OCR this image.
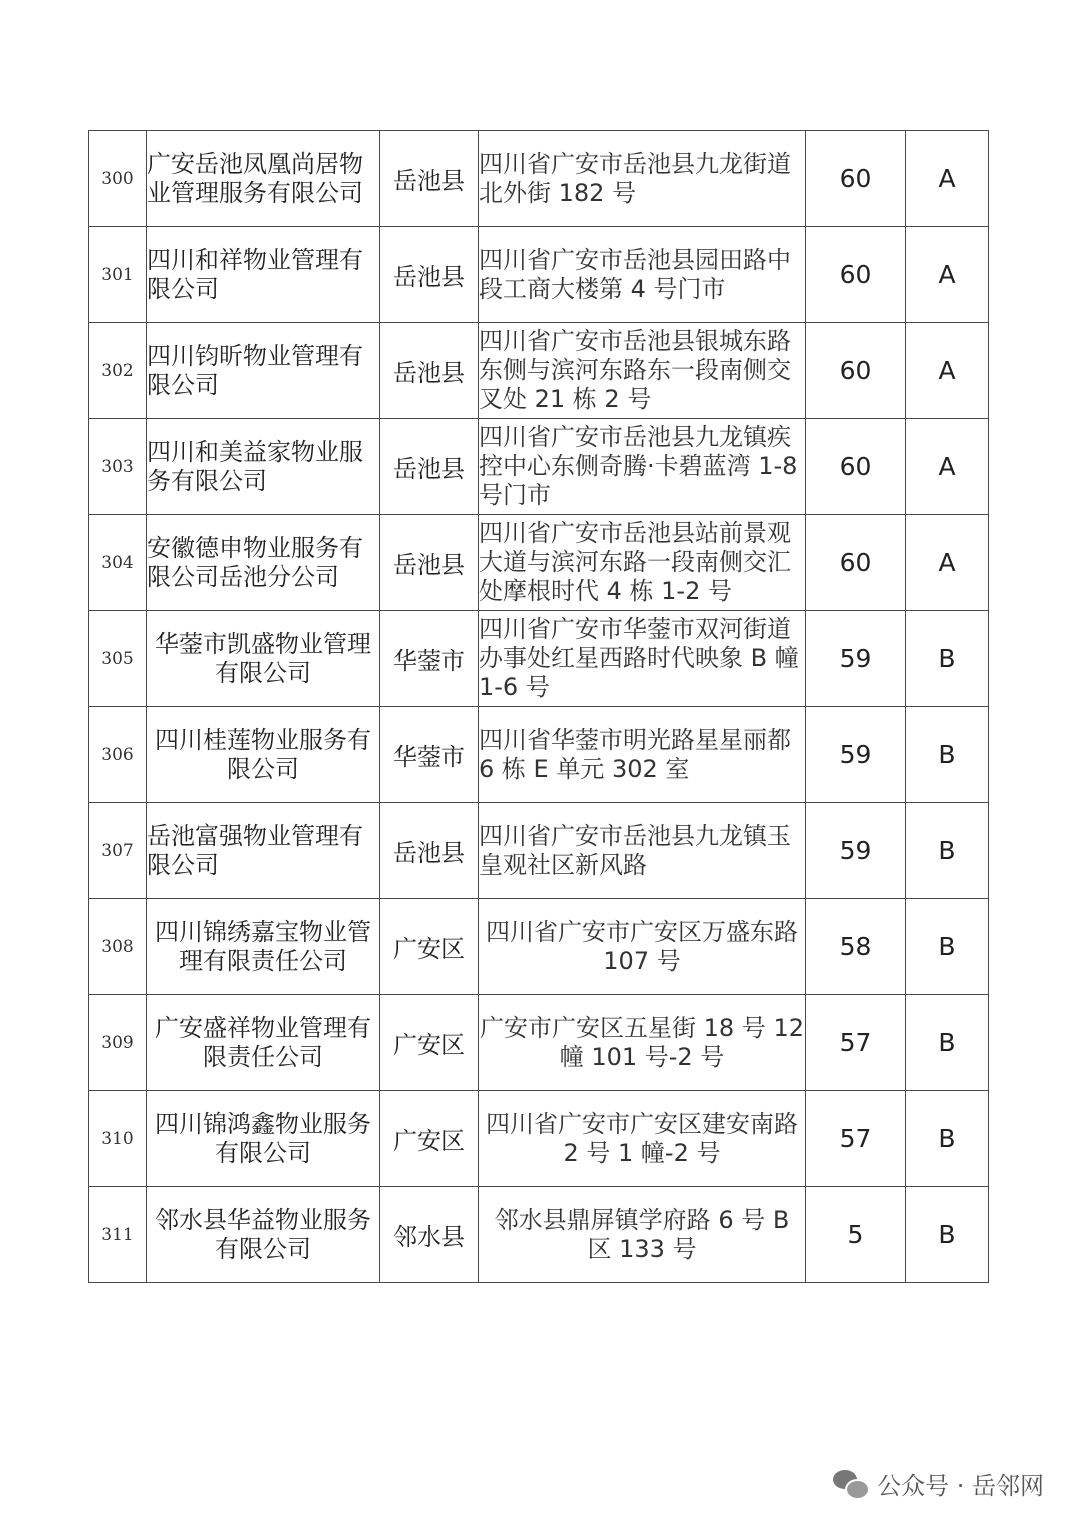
300	广安岳池凤凰尚居物业管理服务有限公司	岳池县	四川省广安市岳池县九龙街道北外街 182 号	60	A
301	四川和祥物业管理有限公司	岳池县	四川省广安市岳池县园田路中段工商大楼第 4 号门市	60	A
302	四川钧昕物业管理有限公司	岳池县	四川省广安市岳池县银城东路东侧与滨河东路东一段南侧交叉处 21 栋 2 号	60	A
303	四川和美益家物业服务有限公司	岳池县	四川省广安市岳池县九龙镇疾控中心东侧奇腾·卡碧蓝湾 1-8 号门市	60	A
304	安徽德申物业服务有限公司岳池分公司	岳池县	四川省广安市岳池县站前景观大道与滨河东路一段南侧交汇处摩根时代 4 栋 1-2 号	60	A
305	华蓥市凯盛物业管理有限公司	华蓥市	四川省广安市华蓥市双河街道办事处红星西路时代映象 B 幢 1-6 号	59	B
306	四川桂莲物业服务有限公司	华蓥市	四川省华蓥市明光路星星丽都 6 栋 E 单元 302 室	59	B
307	岳池富强物业管理有限公司	岳池县	四川省广安市岳池县九龙镇玉皇观社区新风路	59	B
308	四川锦绣嘉宝物业管理有限责任公司	广安区	四川省广安市广安区万盛东路 107 号	58	B
309	广安盛祥物业管理有限责任公司	广安区	广安市广安区五星街 18 号 12 幢 101 号-2 号	57	B
310	四川锦鸿鑫物业服务有限公司	广安区	四川省广安市广安区建安南路 2 号 1 幢-2 号	57	B
311	邻水县华益物业服务有限公司	邻水县	邻水县鼎屏镇学府路 6 号 B 区 133 号	5	B
公众号 · 岳邻网
